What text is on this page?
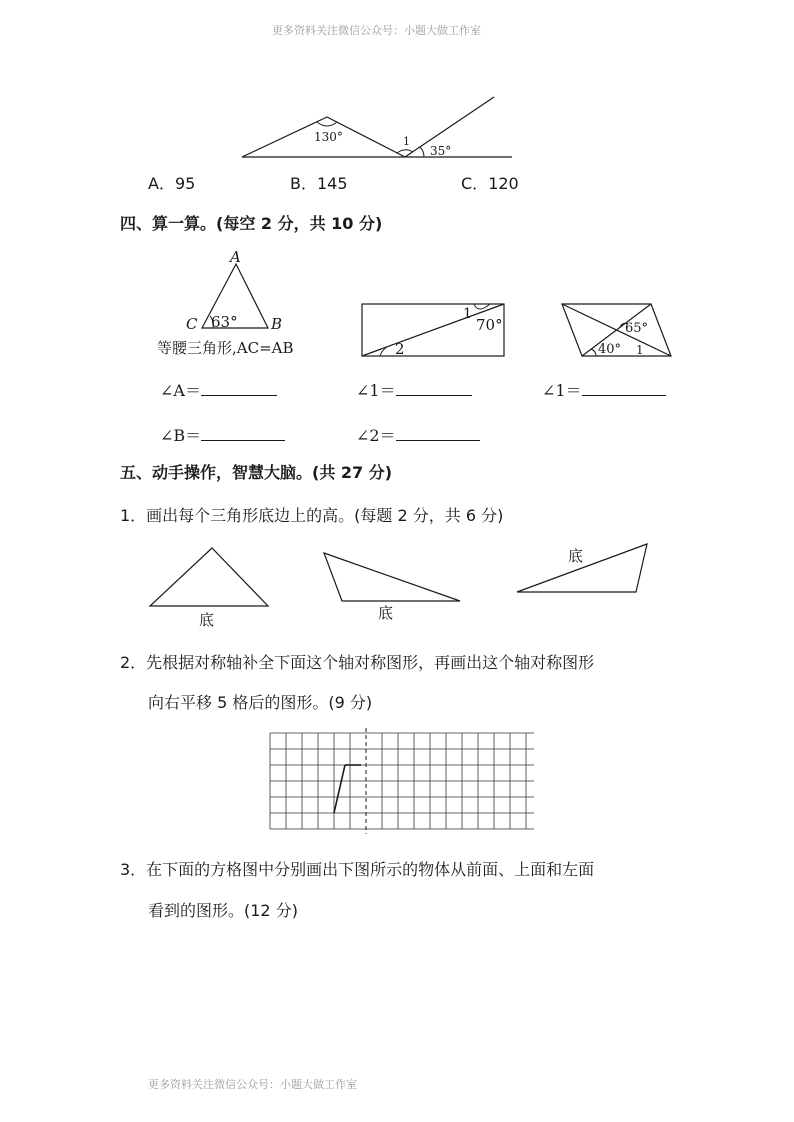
更多资料关注微信公众号：小题大做工作室
130°	1
35°
A．95	B．145	C．120
四、算一算。(每空 2 分，共 10 分)
A
C	B
63°
等腰三角形,AC=AB
1
70°
2
65°
40° 1
∠A＝	∠1＝	∠1＝
∠B＝	∠2＝
五、动手操作，智慧大脑。(共 27 分)
1．画出每个三角形底边上的高。(每题 2 分，共 6 分)
底	底
底
2．先根据对称轴补全下面这个轴对称图形，再画出这个轴对称图形
向右平移 5 格后的图形。(9 分)
3．在下面的方格图中分别画出下图所示的物体从前面、上面和左面
看到的图形。(12 分)
更多资料关注微信公众号：小题大做工作室
